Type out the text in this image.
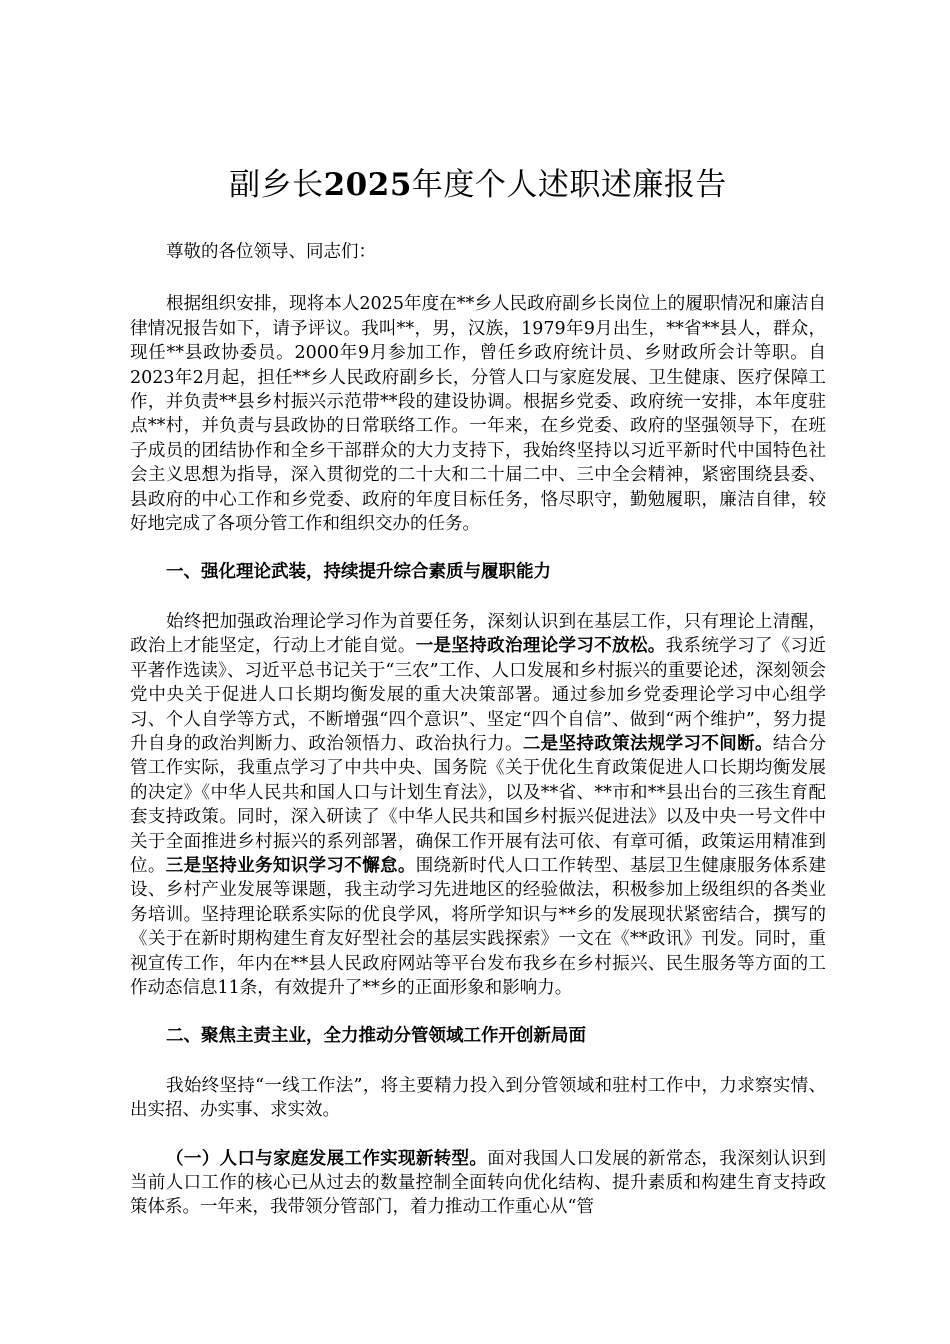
副乡长2025年度个人述职述廉报告

尊敬的各位领导、同志们：

根据组织安排，现将本人2025年度在**乡人民政府副乡长岗位上的履职情况和廉洁自律情况报告如下，请予评议。我叫**，男，汉族，1979年9月出生，**省**县人，群众，现任**县政协委员。2000年9月参加工作，曾任乡政府统计员、乡财政所会计等职。自2023年2月起，担任**乡人民政府副乡长，分管人口与家庭发展、卫生健康、医疗保障工作，并负责**县乡村振兴示范带**段的建设协调。根据乡党委、政府统一安排，本年度驻点**村，并负责与县政协的日常联络工作。一年来，在乡党委、政府的坚强领导下，在班子成员的团结协作和全乡干部群众的大力支持下，我始终坚持以习近平新时代中国特色社会主义思想为指导，深入贯彻党的二十大和二十届二中、三中全会精神，紧密围绕县委、县政府的中心工作和乡党委、政府的年度目标任务，恪尽职守，勤勉履职，廉洁自律，较好地完成了各项分管工作和组织交办的任务。

一、强化理论武装，持续提升综合素质与履职能力

始终把加强政治理论学习作为首要任务，深刻认识到在基层工作，只有理论上清醒，政治上才能坚定，行动上才能自觉。一是坚持政治理论学习不放松。我系统学习了《习近平著作选读》、习近平总书记关于“三农”工作、人口发展和乡村振兴的重要论述，深刻领会党中央关于促进人口长期均衡发展的重大决策部署。通过参加乡党委理论学习中心组学习、个人自学等方式，不断增强“四个意识”、坚定“四个自信”、做到“两个维护”，努力提升自身的政治判断力、政治领悟力、政治执行力。二是坚持政策法规学习不间断。结合分管工作实际，我重点学习了中共中央、国务院《关于优化生育政策促进人口长期均衡发展的决定》《中华人民共和国人口与计划生育法》，以及**省、**市和**县出台的三孩生育配套支持政策。同时，深入研读了《中华人民共和国乡村振兴促进法》以及中央一号文件中关于全面推进乡村振兴的系列部署，确保工作开展有法可依、有章可循，政策运用精准到位。三是坚持业务知识学习不懈怠。围绕新时代人口工作转型、基层卫生健康服务体系建设、乡村产业发展等课题，我主动学习先进地区的经验做法，积极参加上级组织的各类业务培训。坚持理论联系实际的优良学风，将所学知识与**乡的发展现状紧密结合，撰写的《关于在新时期构建生育友好型社会的基层实践探索》一文在《**政讯》刊发。同时，重视宣传工作，年内在**县人民政府网站等平台发布我乡在乡村振兴、民生服务等方面的工作动态信息11条，有效提升了**乡的正面形象和影响力。

二、聚焦主责主业，全力推动分管领域工作开创新局面

我始终坚持“一线工作法”，将主要精力投入到分管领域和驻村工作中，力求察实情、出实招、办实事、求实效。

（一）人口与家庭发展工作实现新转型。面对我国人口发展的新常态，我深刻认识到当前人口工作的核心已从过去的数量控制全面转向优化结构、提升素质和构建生育支持政策体系。一年来，我带领分管部门，着力推动工作重心从“管
